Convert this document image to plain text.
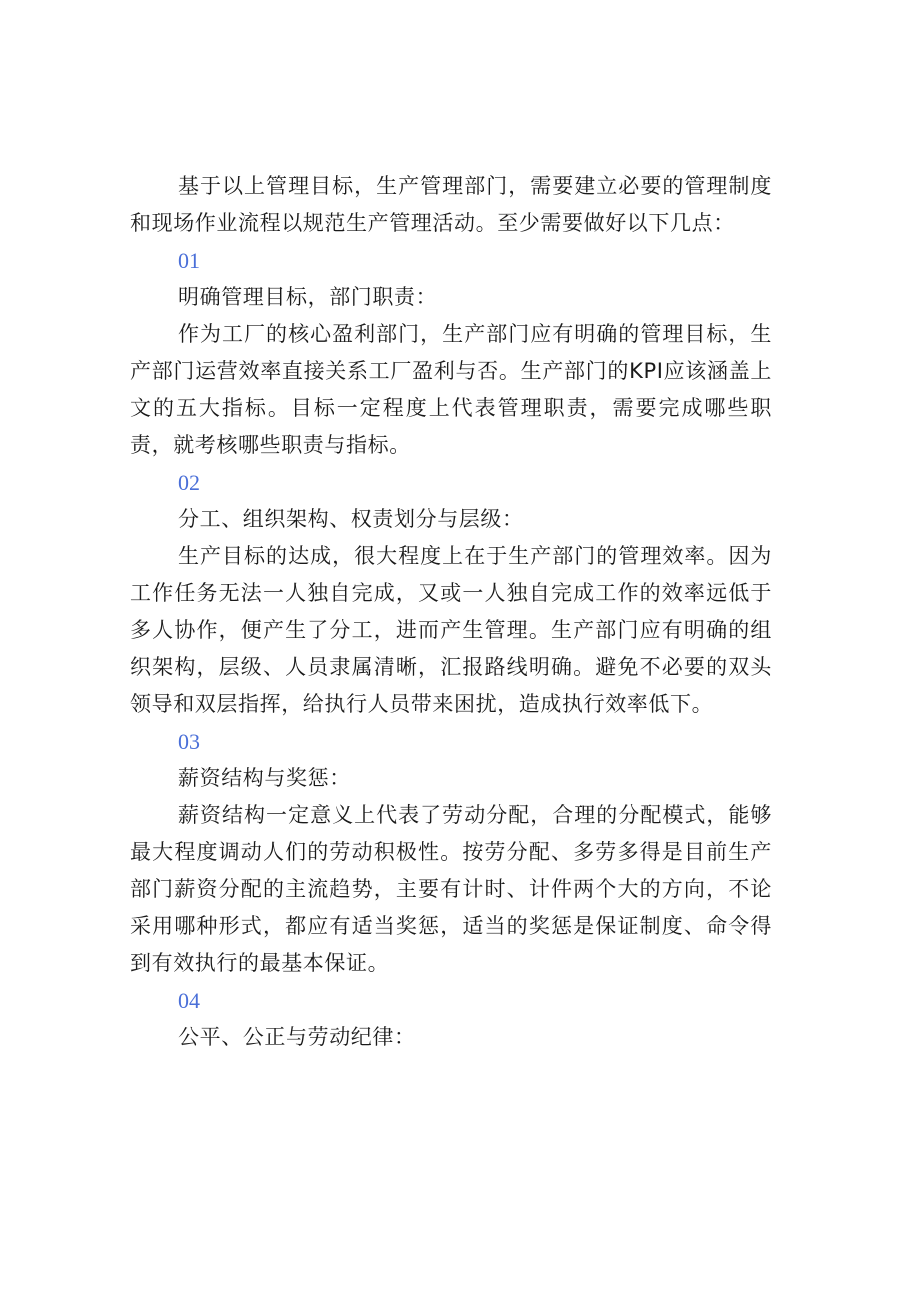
基于以上管理目标，生产管理部门，需要建立必要的管理制度和现场作业流程以规范生产管理活动。至少需要做好以下几点：

01

明确管理目标，部门职责：

作为工厂的核心盈利部门，生产部门应有明确的管理目标，生产部门运营效率直接关系工厂盈利与否。生产部门的KPI应该涵盖上文的五大指标。目标一定程度上代表管理职责，需要完成哪些职责，就考核哪些职责与指标。

02

分工、组织架构、权责划分与层级：

生产目标的达成，很大程度上在于生产部门的管理效率。因为工作任务无法一人独自完成，又或一人独自完成工作的效率远低于多人协作，便产生了分工，进而产生管理。生产部门应有明确的组织架构，层级、人员隶属清晰，汇报路线明确。避免不必要的双头领导和双层指挥，给执行人员带来困扰，造成执行效率低下。

03

薪资结构与奖惩：

薪资结构一定意义上代表了劳动分配，合理的分配模式，能够最大程度调动人们的劳动积极性。按劳分配、多劳多得是目前生产部门薪资分配的主流趋势，主要有计时、计件两个大的方向，不论采用哪种形式，都应有适当奖惩，适当的奖惩是保证制度、命令得到有效执行的最基本保证。

04

公平、公正与劳动纪律：
